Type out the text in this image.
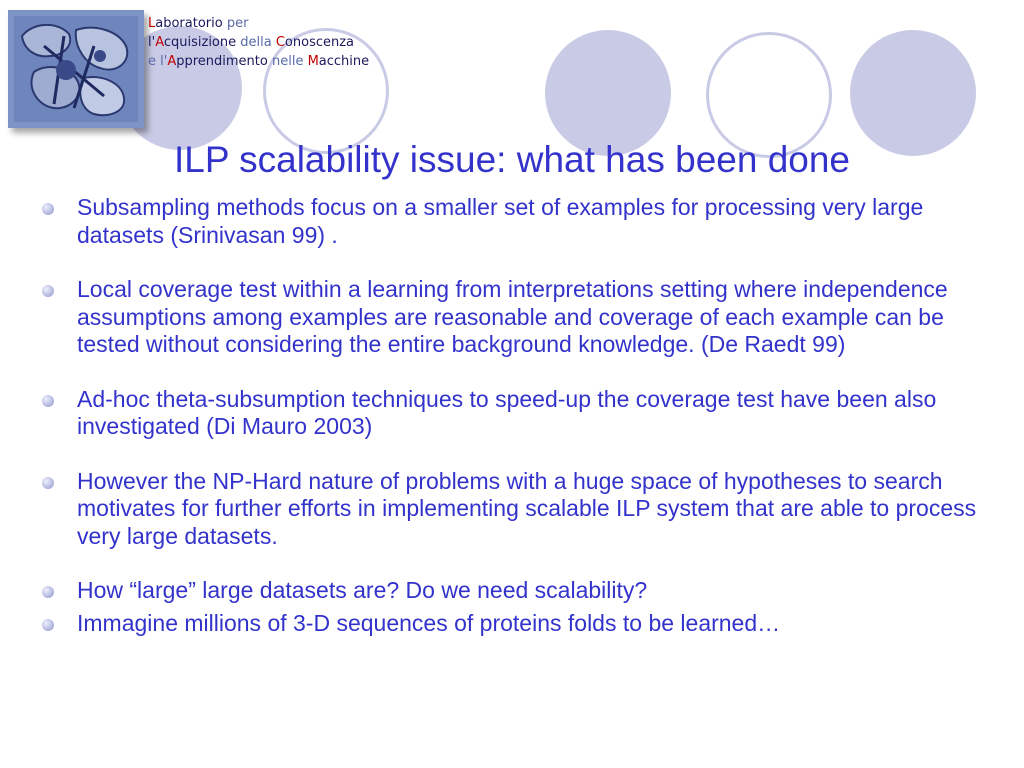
Laboratorio per
l'Acquisizione della Conoscenza
e l'Apprendimento nelle Macchine
ILP scalability issue: what has been done
Subsampling methods focus on a smaller set of examples for processing very large datasets (Srinivasan 99) .
Local coverage test within a learning from interpretations setting where independence assumptions among examples are reasonable and coverage of each example can be tested without considering the entire background knowledge. (De Raedt 99)
Ad-hoc theta-subsumption techniques to speed-up the coverage test have been also investigated (Di Mauro 2003)
However the NP-Hard nature of problems with a huge space of hypotheses to search motivates for further efforts in implementing scalable ILP system that are able to process very large datasets.
How “large” large datasets are? Do we need scalability?
Immagine millions of 3-D sequences of proteins folds to be learned…
